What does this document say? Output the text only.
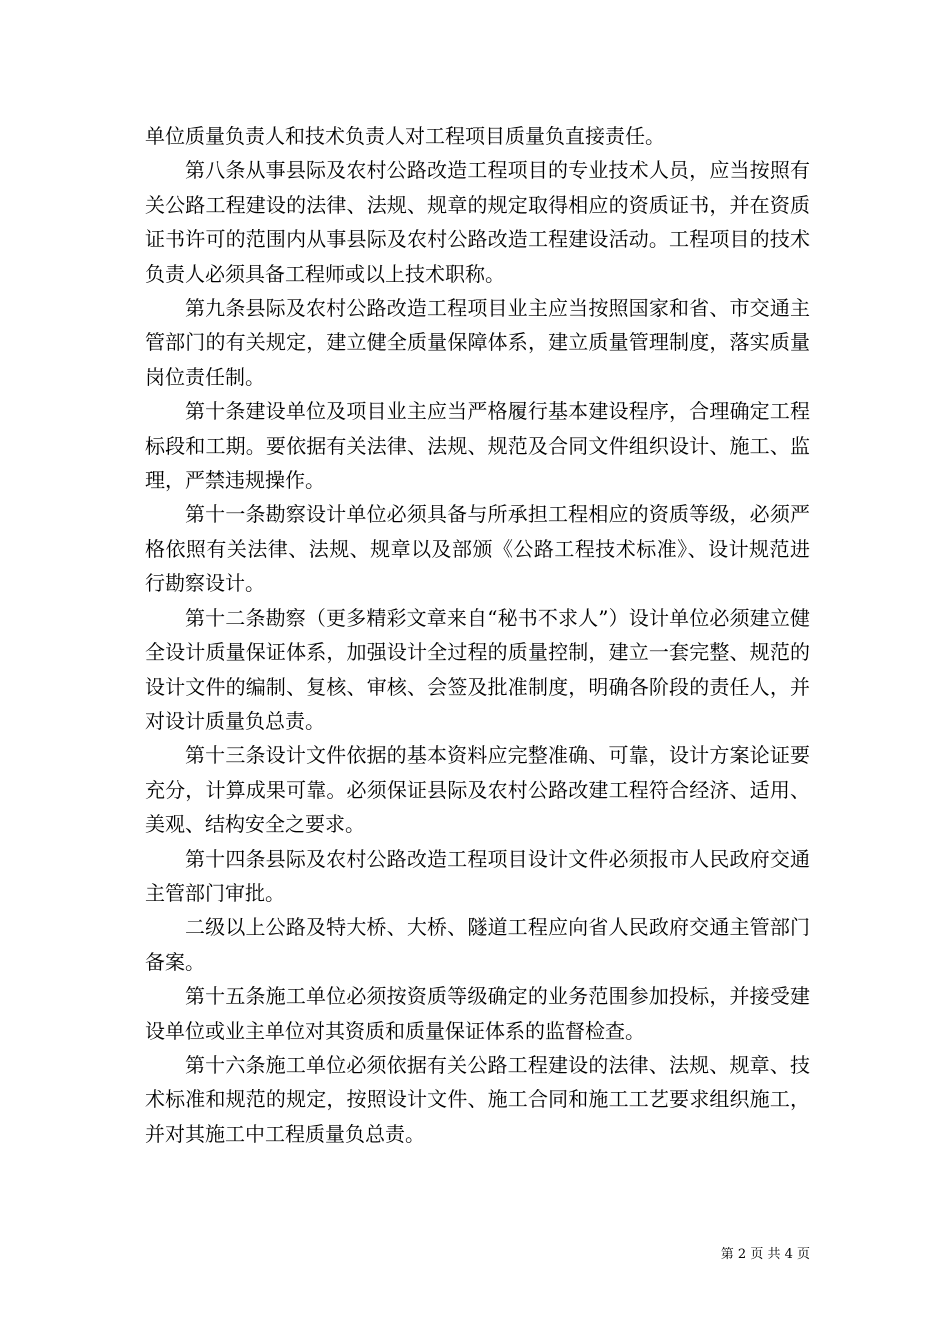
单位质量负责人和技术负责人对工程项目质量负直接责任。

第八条从事县际及农村公路改造工程项目的专业技术人员，应当按照有关公路工程建设的法律、法规、规章的规定取得相应的资质证书，并在资质证书许可的范围内从事县际及农村公路改造工程建设活动。工程项目的技术负责人必须具备工程师或以上技术职称。

第九条县际及农村公路改造工程项目业主应当按照国家和省、市交通主管部门的有关规定，建立健全质量保障体系，建立质量管理制度，落实质量岗位责任制。

第十条建设单位及项目业主应当严格履行基本建设程序，合理确定工程标段和工期。要依据有关法律、法规、规范及合同文件组织设计、施工、监理，严禁违规操作。

第十一条勘察设计单位必须具备与所承担工程相应的资质等级，必须严格依照有关法律、法规、规章以及部颁《公路工程技术标准》、设计规范进行勘察设计。

第十二条勘察（更多精彩文章来自“秘书不求人”）设计单位必须建立健全设计质量保证体系，加强设计全过程的质量控制，建立一套完整、规范的设计文件的编制、复核、审核、会签及批准制度，明确各阶段的责任人，并对设计质量负总责。

第十三条设计文件依据的基本资料应完整准确、可靠，设计方案论证要充分，计算成果可靠。必须保证县际及农村公路改建工程符合经济、适用、美观、结构安全之要求。

第十四条县际及农村公路改造工程项目设计文件必须报市人民政府交通主管部门审批。

二级以上公路及特大桥、大桥、隧道工程应向省人民政府交通主管部门备案。

第十五条施工单位必须按资质等级确定的业务范围参加投标，并接受建设单位或业主单位对其资质和质量保证体系的监督检查。

第十六条施工单位必须依据有关公路工程建设的法律、法规、规章、技术标准和规范的规定，按照设计文件、施工合同和施工工艺要求组织施工，并对其施工中工程质量负总责。

第 2 页 共 4 页
